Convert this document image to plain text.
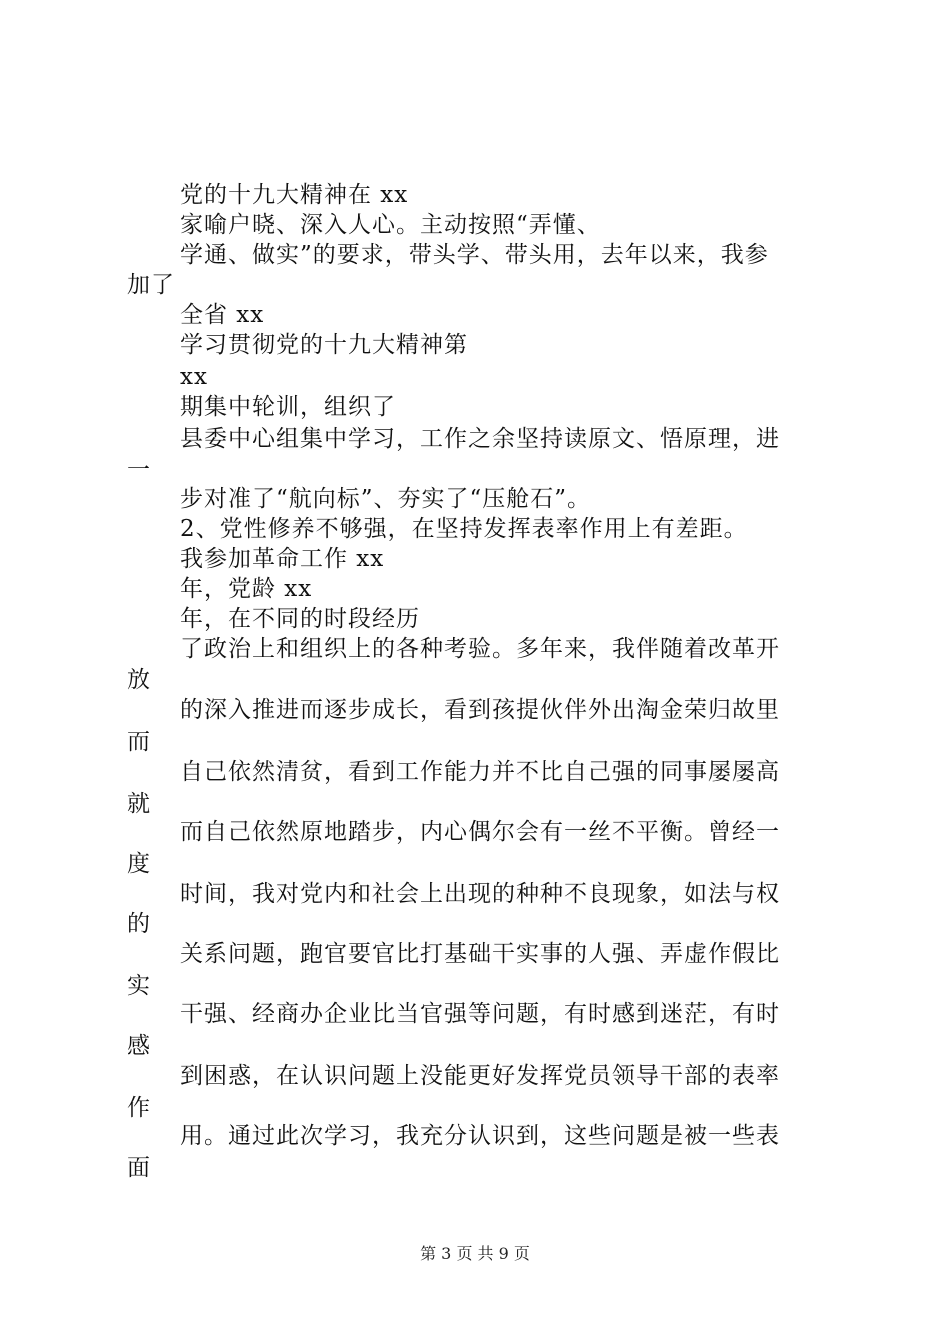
党的十九大精神在 xx
家喻户晓、深入人心。主动按照“弄懂、
学通、做实”的要求，带头学、带头用，去年以来，我参
加了
全省 xx
学习贯彻党的十九大精神第
xx
期集中轮训，组织了
县委中心组集中学习，工作之余坚持读原文、悟原理，进
一
步对准了“航向标”、夯实了“压舱石”。
2、党性修养不够强，在坚持发挥表率作用上有差距。
我参加革命工作 xx
年，党龄 xx
年，在不同的时段经历
了政治上和组织上的各种考验。多年来，我伴随着改革开
放
的深入推进而逐步成长，看到孩提伙伴外出淘金荣归故里
而
自己依然清贫，看到工作能力并不比自己强的同事屡屡高
就
而自己依然原地踏步，内心偶尔会有一丝不平衡。曾经一
度
时间，我对党内和社会上出现的种种不良现象，如法与权
的
关系问题，跑官要官比打基础干实事的人强、弄虚作假比
实
干强、经商办企业比当官强等问题，有时感到迷茫，有时
感
到困惑，在认识问题上没能更好发挥党员领导干部的表率
作
用。通过此次学习，我充分认识到，这些问题是被一些表
面
第 3 页 共 9 页
